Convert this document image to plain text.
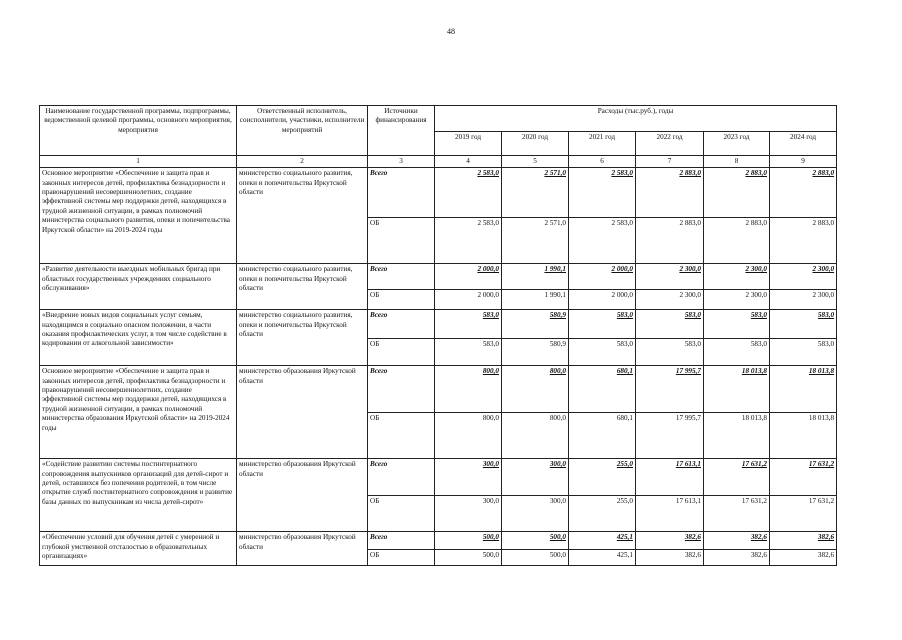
48
Наименование государственной программы, подпрограммы, ведомственной целевой программы, основного мероприятия, мероприятия	Ответственный исполнитель, соисполнители, участники, исполнители мероприятий	Источники финансирования	Расходы (тыс.руб.), годы					
			2019 год	2020 год	2021 год	2022 год	2023 год	2024 год
1	2	3	4	5	6	7	8	9
Основное мероприятие «Обеспечение и защита прав и законных интересов детей, профилактика безнадзорности и правонарушений несовершеннолетних, создание эффективной системы мер поддержки детей, находящихся в трудной жизненной ситуации, в рамках полномочий министерства социального развития, опеки и попечительства Иркутской области» на 2019-2024 годы	министерство социального развития, опеки и попечительства Иркутской области	Всего	2 583,0	2 571,0	2 583,0	2 883,0	2 883,0	2 883,0
		ОБ	2 583,0	2 571,0	2 583,0	2 883,0	2 883,0	2 883,0
«Развитие деятельности выездных мобильных бригад при областных государственных учреждениях социального обслуживания»	министерство социального развития, опеки и попечительства Иркутской области	Всего	2 000,0	1 990,1	2 000,0	2 300,0	2 300,0	2 300,0
		ОБ	2 000,0	1 990,1	2 000,0	2 300,0	2 300,0	2 300,0
«Внедрение новых видов социальных услуг семьям, находящимся в социально опасном положении, в части оказания профилактических услуг, в том числе содействие в кодировании от алкогольной зависимости»	министерство социального развития, опеки и попечительства Иркутской области	Всего	583,0	580,9	583,0	583,0	583,0	583,0
		ОБ	583,0	580,9	583,0	583,0	583,0	583,0
Основное мероприятие «Обеспечение и защита прав и законных интересов детей, профилактика безнадзорности и правонарушений несовершеннолетних, создание эффективной системы мер поддержки детей, находящихся в трудной жизненной ситуации, в рамках полномочий министерства образования Иркутской области» на 2019-2024 годы	министерство образования Иркутской области	Всего	800,0	800,0	680,1	17 995,7	18 013,8	18 013,8
		ОБ	800,0	800,0	680,1	17 995,7	18 013,8	18 013,8
«Содействие развитию системы постинтернатного сопровождения выпускников организаций для детей-сирот и детей, оставшихся без попечения родителей, в том числе открытие служб постинтернатного сопровождения и развитие базы данных по выпускникам из числа детей-сирот»	министерство образования Иркутской области	Всего	300,0	300,0	255,0	17 613,1	17 631,2	17 631,2
		ОБ	300,0	300,0	255,0	17 613,1	17 631,2	17 631,2
«Обеспечение условий для обучения детей с умеренной и глубокой умственной отсталостью в образовательных организациях»	министерство образования Иркутской области	Всего	500,0	500,0	425,1	382,6	382,6	382,6
		ОБ	500,0	500,0	425,1	382,6	382,6	382,6
